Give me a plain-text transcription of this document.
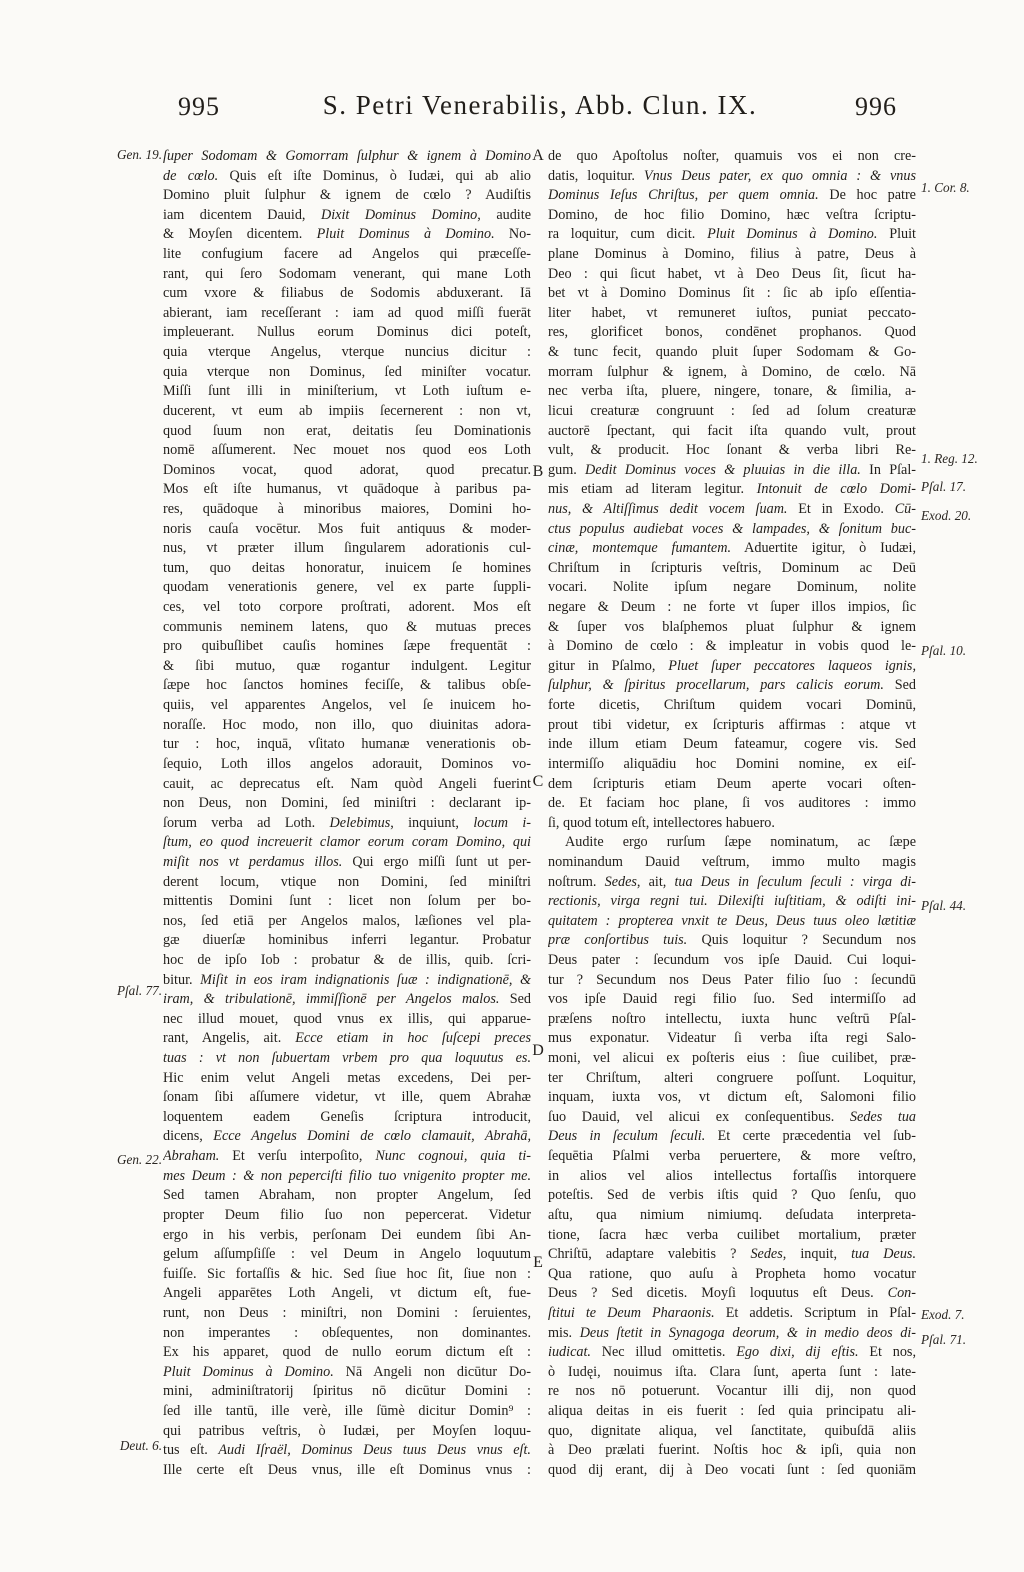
995	S. Petri Venerabilis, Abb. Clun. IX.	996
ſuper Sodomam & Gomorram ſulphur & ignem à Domino
de cœlo. Quis eſt iſte Dominus, ò Iudæi, qui ab alio
Domino pluit ſulphur & ignem de cœlo ? Audiſtis
iam dicentem Dauid, Dixit Dominus Domino, audite
& Moyſen dicentem. Pluit Dominus à Domino. No-
lite confugium facere ad Angelos qui præceſſe-
rant, qui ſero Sodomam venerant, qui mane Loth
cum vxore & filiabus de Sodomis abduxerant. Iā
abierant, iam receſſerant : iam ad quod miſſi fuerāt
impleuerant. Nullus eorum Dominus dici poteſt,
quia vterque Angelus, vterque nuncius dicitur :
quia vterque non Dominus, ſed miniſter vocatur.
Miſſi ſunt illi in miniſterium, vt Loth iuſtum e-
ducerent, vt eum ab impiis ſecernerent : non vt,
quod ſuum non erat, deitatis ſeu Dominationis
nomē aſſumerent. Nec mouet nos quod eos Loth
Dominos vocat, quod adorat, quod precatur.
Mos eſt iſte humanus, vt quādoque à paribus pa-
res, quādoque à minoribus maiores, Domini ho-
noris cauſa vocētur. Mos fuit antiquus & moder-
nus, vt præter illum ſingularem adorationis cul-
tum, quo deitas honoratur, inuicem ſe homines
quodam venerationis genere, vel ex parte ſuppli-
ces, vel toto corpore proſtrati, adorent. Mos eſt
communis neminem latens, quo & mutuas preces
pro quibuſlibet cauſis homines ſæpe frequentāt :
& ſibi mutuo, quæ rogantur indulgent. Legitur
ſæpe hoc ſanctos homines feciſſe, & talibus obſe-
quiis, vel apparentes Angelos, vel ſe inuicem ho-
noraſſe. Hoc modo, non illo, quo diuinitas adora-
tur : hoc, inquā, vſitato humanæ venerationis ob-
ſequio, Loth illos angelos adorauit, Dominos vo-
cauit, ac deprecatus eſt. Nam quòd Angeli fuerint
non Deus, non Domini, ſed miniſtri : declarant ip-
ſorum verba ad Loth. Delebimus, inquiunt, locum i-
ſtum, eo quod increuerit clamor eorum coram Domino, qui
miſit nos vt perdamus illos. Qui ergo miſſi ſunt ut per-
derent locum, vtique non Domini, ſed miniſtri
mittentis Domini ſunt : licet non ſolum per bo-
nos, ſed etiā per Angelos malos, læſiones vel pla-
gæ diuerſæ hominibus inferri legantur. Probatur
hoc de ipſo Iob : probatur & de illis, quib. ſcri-
bitur. Miſit in eos iram indignationis ſuæ : indignationē, &
iram, & tribulationē, immiſſionē per Angelos malos. Sed
nec illud mouet, quod vnus ex illis, qui apparue-
rant, Angelis, ait. Ecce etiam in hoc ſuſcepi preces
tuas : vt non ſubuertam vrbem pro qua loquutus es.
Hic enim velut Angeli metas excedens, Dei per-
ſonam ſibi aſſumere videtur, vt ille, quem Abrahæ
loquentem eadem Geneſis ſcriptura introducit,
dicens, Ecce Angelus Domini de cœlo clamauit, Abrahā,
Abraham. Et verſu interpoſito, Nunc cognoui, quia ti-
mes Deum : & non peperciſti filio tuo vnigenito propter me.
Sed tamen Abraham, non propter Angelum, ſed
propter Deum filio ſuo non pepercerat. Videtur
ergo in his verbis, perſonam Dei eundem ſibi An-
gelum aſſumpſiſſe : vel Deum in Angelo loquutum
fuiſſe. Sic fortaſſis & hic. Sed ſiue hoc ſit, ſiue non :
Angeli apparētes Loth Angeli, vt dictum eſt, fue-
runt, non Deus : miniſtri, non Domini : ſeruientes,
non imperantes : obſequentes, non dominantes.
Ex his apparet, quod de nullo eorum dictum eſt :
Pluit Dominus à Domino. Nā Angeli non dicūtur Do-
mini, adminiſtratorij ſpiritus nō dicūtur Domini :
ſed ille tantū, ille verè, ille ſūmè dicitur Domin⁹ :
qui patribus veſtris, ò Iudæi, per Moyſen loquu-
tus eſt. Audi Iſraël, Dominus Deus tuus Deus vnus eſt.
Ille certe eſt Deus vnus, ille eſt Dominus vnus :
de quo Apoſtolus noſter, quamuis vos ei non cre-
datis, loquitur. Vnus Deus pater, ex quo omnia : & vnus
Dominus Ieſus Chriſtus, per quem omnia. De hoc patre
Domino, de hoc filio Domino, hæc veſtra ſcriptu-
ra loquitur, cum dicit. Pluit Dominus à Domino. Pluit
plane Dominus à Domino, filius à patre, Deus à
Deo : qui ſicut habet, vt à Deo Deus ſit, ſicut ha-
bet vt à Domino Dominus ſit : ſic ab ipſo eſſentia-
liter habet, vt remuneret iuſtos, puniat peccato-
res, glorificet bonos, condēnet prophanos. Quod
& tunc fecit, quando pluit ſuper Sodomam & Go-
morram ſulphur & ignem, à Domino, de cœlo. Nā
nec verba iſta, pluere, ningere, tonare, & ſimilia, a-
licui creaturæ congruunt : ſed ad ſolum creaturæ
auctorē ſpectant, qui facit iſta quando vult, prout
vult, & producit. Hoc ſonant & verba libri Re-
gum. Dedit Dominus voces & pluuias in die illa. In Pſal-
mis etiam ad literam legitur. Intonuit de cœlo Domi-
nus, & Altiſſimus dedit vocem ſuam. Et in Exodo. Cū-
ctus populus audiebat voces & lampades, & ſonitum buc-
cinæ, montemque fumantem. Aduertite igitur, ò Iudæi,
Chriſtum in ſcripturis veſtris, Dominum ac Deū
vocari. Nolite ipſum negare Dominum, nolite
negare & Deum : ne forte vt ſuper illos impios, ſic
& ſuper vos blaſphemos pluat ſulphur & ignem
à Domino de cœlo : & impleatur in vobis quod le-
gitur in Pſalmo, Pluet ſuper peccatores laqueos ignis,
ſulphur, & ſpiritus procellarum, pars calicis eorum. Sed
forte dicetis, Chriſtum quidem vocari Dominū,
prout tibi videtur, ex ſcripturis affirmas : atque vt
inde illum etiam Deum fateamur, cogere vis. Sed
intermiſſo aliquādiu hoc Domini nomine, ex eiſ-
dem ſcripturis etiam Deum aperte vocari oſten-
de. Et faciam hoc plane, ſi vos auditores : immo
ſi, quod totum eſt, intellectores habuero.
Audite ergo rurſum ſæpe nominatum, ac ſæpe
nominandum Dauid veſtrum, immo multo magis
noſtrum. Sedes, ait, tua Deus in ſeculum ſeculi : virga di-
rectionis, virga regni tui. Dilexiſti iuſtitiam, & odiſti ini-
quitatem : propterea vnxit te Deus, Deus tuus oleo lætitiæ
præ conſortibus tuis. Quis loquitur ? Secundum nos
Deus pater : ſecundum vos ipſe Dauid. Cui loqui-
tur ? Secundum nos Deus Pater filio ſuo : ſecundū
vos ipſe Dauid regi filio ſuo. Sed intermiſſo ad
præſens noſtro intellectu, iuxta hunc veſtrū Pſal-
mus exponatur. Videatur ſi verba iſta regi Salo-
moni, vel alicui ex poſteris eius : ſiue cuilibet, præ-
ter Chriſtum, alteri congruere poſſunt. Loquitur,
inquam, iuxta vos, vt dictum eſt, Salomoni filio
ſuo Dauid, vel alicui ex conſequentibus. Sedes tua
Deus in ſeculum ſeculi. Et certe præcedentia vel ſub-
ſequētia Pſalmi verba peruertere, & more veſtro,
in alios vel alios intellectus fortaſſis intorquere
poteſtis. Sed de verbis iſtis quid ? Quo ſenſu, quo
aſtu, qua nimium nimiumq. deſudata interpreta-
tione, ſacra hæc verba cuilibet mortalium, præter
Chriſtū, adaptare valebitis ? Sedes, inquit, tua Deus.
Qua ratione, quo auſu à Propheta homo vocatur
Deus ? Sed dicetis. Moyſi loquutus eſt Deus. Con-
ſtitui te Deum Pharaonis. Et addetis. Scriptum in Pſal-
mis. Deus ſtetit in Synagoga deorum, & in medio deos di-
iudicat. Nec illud omittetis. Ego dixi, dij eſtis. Et nos,
ò Iudęi, nouimus iſta. Clara ſunt, aperta ſunt : late-
re nos nō potuerunt. Vocantur illi dij, non quod
aliqua deitas in eis fuerit : ſed quia principatu ali-
quo, dignitate aliqua, vel ſanctitate, quibuſdā aliis
à Deo prælati fuerint. Noſtis hoc & ipſi, quia non
quod dij erant, dij à Deo vocati ſunt : ſed quoniām
Gen. 19.
Pſal. 77.
Gen. 22.
Deut. 6.
1. Cor. 8.
1. Reg. 12.
Pſal. 17.
Exod. 20.
Pſal. 10.
Pſal. 44.
Exod. 7.
Pſal. 71.
A
B
C
D
E
